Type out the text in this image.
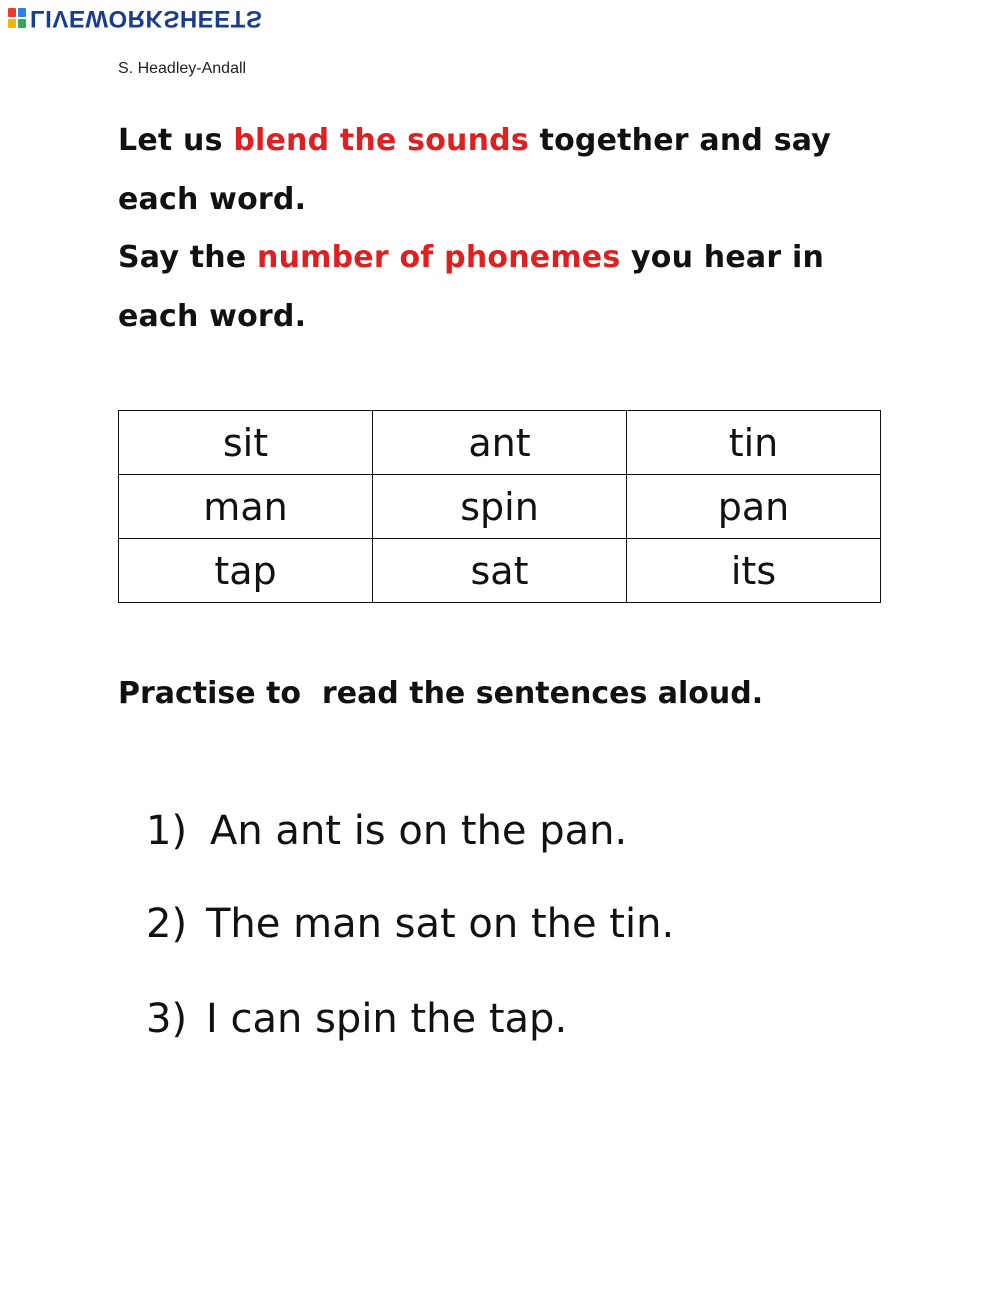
LIVEWORKSHEETS
S. Headley-Andall

Let us blend the sounds together and say each word.

Say the number of phonemes you hear in each word.

sit	ant	tin
man	spin	pan
tap	sat	its
Practise to  read the sentences aloud.
1) An ant is on the pan.
2) The man sat on the tin.
3) I can spin the tap.
